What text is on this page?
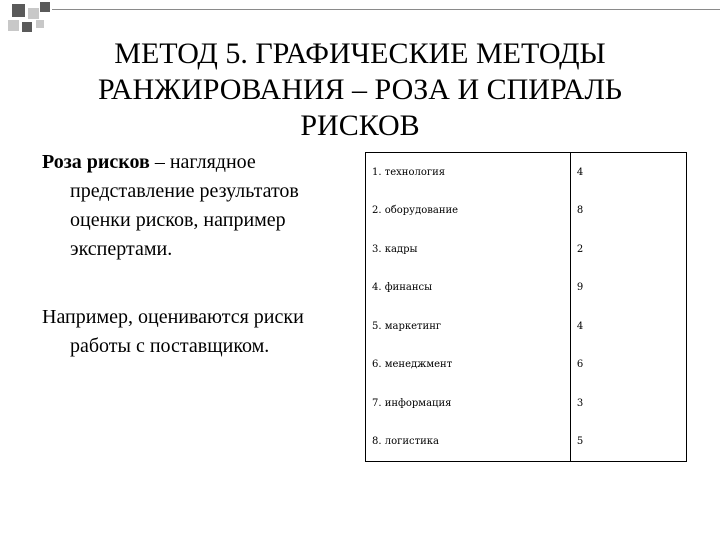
МЕТОД 5. ГРАФИЧЕСКИЕ МЕТОДЫ РАНЖИРОВАНИЯ – РОЗА И СПИРАЛЬ РИСКОВ
Роза рисков – наглядное представление результатов оценки рисков, например экспертами.
Например, оцениваются риски работы с поставщиком.
1. технология	4
2. оборудование	8
3. кадры	2
4. финансы	9
5. маркетинг	4
6. менеджмент	6
7. информация	3
8. логистика	5
